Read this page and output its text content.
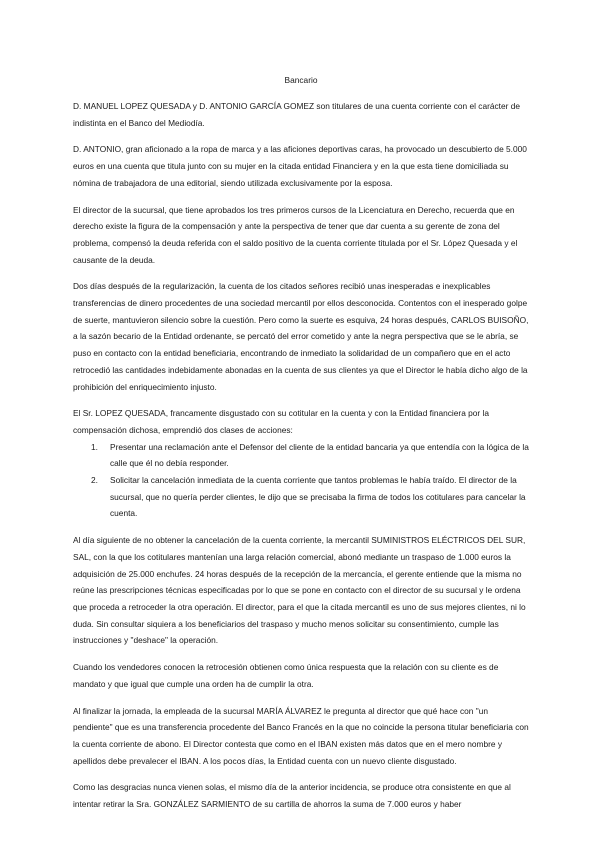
Bancario

D. MANUEL LOPEZ QUESADA y D. ANTONIO GARCÍA GOMEZ son titulares de una cuenta corriente con el carácter de indistinta en el Banco del Mediodía.

D. ANTONIO, gran aficionado a la ropa de marca y a las aficiones deportivas caras, ha provocado un descubierto de 5.000 euros en una cuenta que titula junto con su mujer en la citada entidad Financiera y en la que esta tiene domiciliada su nómina de trabajadora de una editorial, siendo utilizada exclusivamente por la esposa.

El director de la sucursal, que tiene aprobados los tres primeros cursos de la Licenciatura en Derecho, recuerda que en derecho existe la figura de la compensación y ante la perspectiva de tener que dar cuenta a su gerente de zona del problema, compensó la deuda referida con el saldo positivo de la cuenta corriente titulada por el Sr. López Quesada y el causante de la deuda.

Dos días después de la regularización, la cuenta de los citados señores recibió unas inesperadas e inexplicables transferencias de dinero procedentes de una sociedad mercantil por ellos desconocida. Contentos con el inesperado golpe de suerte, mantuvieron silencio sobre la cuestión. Pero como la suerte es esquiva, 24 horas después, CARLOS BUISOÑO, a la sazón becario de la Entidad ordenante, se percató del error cometido y ante la negra perspectiva que se le abría, se puso en contacto con la entidad beneficiaria, encontrando de inmediato la solidaridad de un compañero que en el acto retrocedió las cantidades indebidamente abonadas en la cuenta de sus clientes ya que el Director le había dicho algo de la prohibición del enriquecimiento injusto.

El Sr. LOPEZ QUESADA, francamente disgustado con su cotitular en la cuenta y con la Entidad financiera por la compensación dichosa, emprendió dos clases de acciones:

1.	Presentar una reclamación ante el Defensor del cliente de la entidad bancaria ya que entendía con la lógica de la calle que él no debía responder.
2.	Solicitar la cancelación inmediata de la cuenta corriente que tantos problemas le había traído. El director de la sucursal, que no quería perder clientes, le dijo que se precisaba la firma de todos los cotitulares para cancelar la cuenta.

Al día siguiente de no obtener la cancelación de la cuenta corriente, la mercantil SUMINISTROS ELÉCTRICOS DEL SUR, SAL, con la que los cotitulares mantenían una larga relación comercial, abonó mediante un traspaso de 1.000 euros la adquisición de 25.000 enchufes. 24 horas después de la recepción de la mercancía, el gerente entiende que la misma no reúne las prescripciones técnicas especificadas por lo que se pone en contacto con el director de su sucursal y le ordena que proceda a retroceder la otra operación. El director, para el que la citada mercantil es uno de sus mejores clientes, ni lo duda. Sin consultar siquiera a los beneficiarios del traspaso y mucho menos solicitar su consentimiento, cumple las instrucciones y "deshace" la operación.

Cuando los vendedores conocen la retrocesión obtienen como única respuesta que la relación con su cliente es de mandato y que igual que cumple una orden ha de cumplir la otra.

Al finalizar la jornada, la empleada de la sucursal MARÍA ÁLVAREZ le pregunta al director que qué hace con "un pendiente" que es una transferencia procedente del Banco Francés en la que no coincide la persona titular beneficiaria con la cuenta corriente de abono. El Director contesta que como en el IBAN existen más datos que en el mero nombre y apellidos debe prevalecer el IBAN. A los pocos días, la Entidad cuenta con un nuevo cliente disgustado.

Como las desgracias nunca vienen solas, el mismo día de la anterior incidencia, se produce otra consistente en que al intentar retirar la Sra. GONZÁLEZ SARMIENTO de su cartilla de ahorros la suma de 7.000 euros y haber
